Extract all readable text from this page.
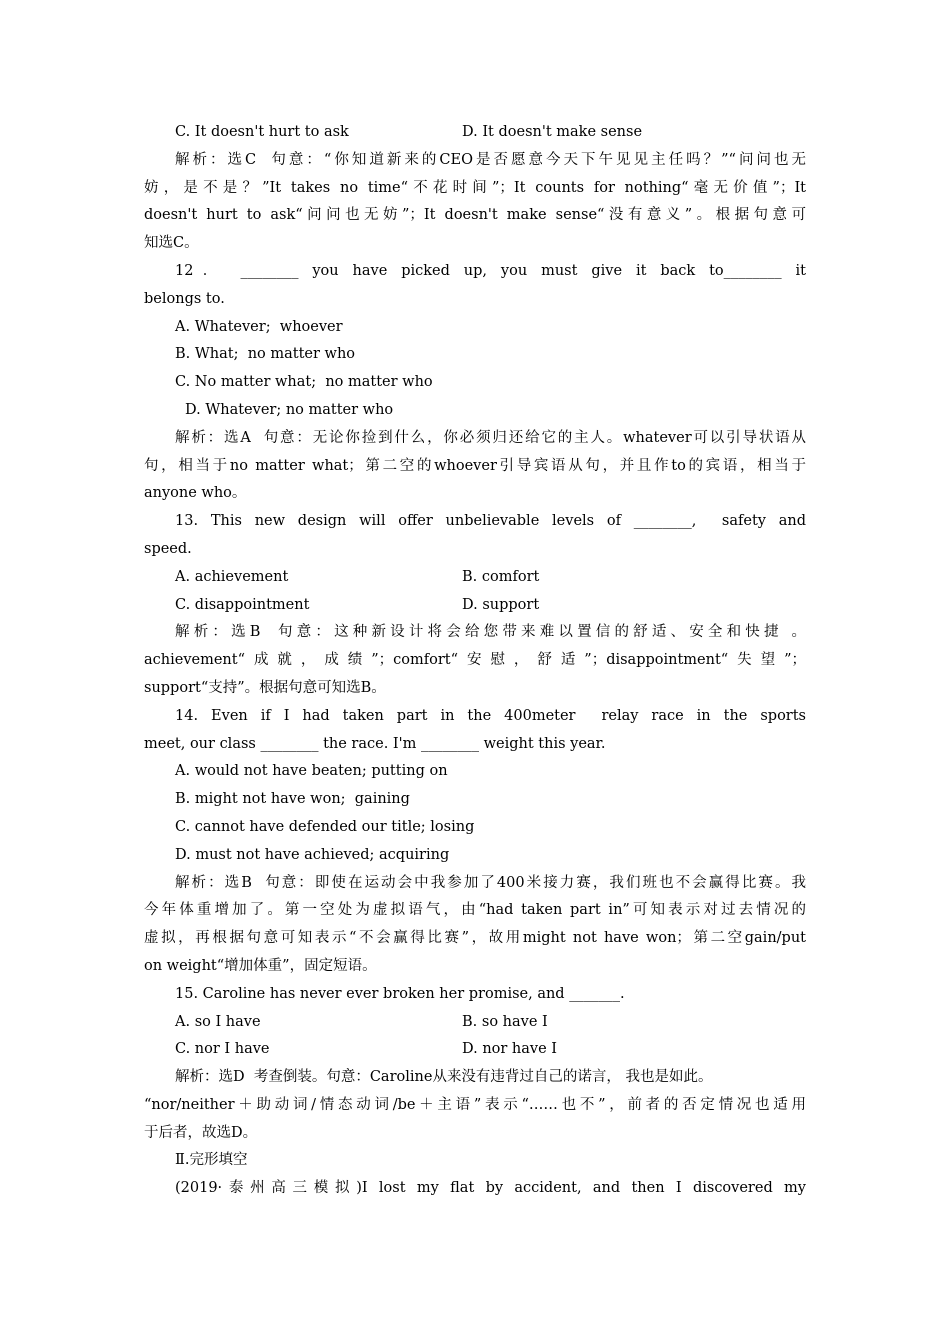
C. It doesn't hurt to ask	D. It doesn't make sense
解析：选C  句意：“你知道新来的CEO是否愿意今天下午见见主任吗？”“问问也无
妨，是不是？”It takes no time“不花时间”；It counts for nothing“毫无价值”；It
doesn't hurt to ask“问问也无妨”；It doesn't make sense“没有意义”。根据句意可
知选C。
12． ________ you have picked up, you must give it back to________ it
belongs to.
A. Whatever;  whoever
B. What;  no matter who
C. No matter what;  no matter who
D. Whatever; no matter who
解析：选A  句意：无论你捡到什么，你必须归还给它的主人。whatever可以引导状语从
句，相当于no matter what；第二空的whoever引导宾语从句，并且作to的宾语，相当于
anyone who。
13. This new design will offer unbelievable levels of ________,  safety and
speed.
A. achievement	B. comfort
C. disappointment	D. support
解析：选B  句意：这种新设计将会给您带来难以置信的舒适、安全和快捷 。
achievement“成就，成绩”；comfort“安慰，舒适”；disappointment“失望”；
support“支持”。根据句意可知选B。
14. Even if I had taken part in the 400meter  relay race in the sports
meet, our class ________ the race. I'm ________ weight this year.
A. would not have beaten; putting on
B. might not have won;  gaining
C. cannot have defended our title; losing
D. must not have achieved; acquiring
解析：选B  句意：即使在运动会中我参加了400米接力赛，我们班也不会赢得比赛。我
今年体重增加了。第一空处为虚拟语气，由“had taken part in”可知表示对过去情况的
虚拟，再根据句意可知表示“不会赢得比赛”，故用might not have won；第二空gain/put
on weight“增加体重”，固定短语。
15. Caroline has never ever broken her promise, and _______.
A. so I have	B. so have I
C. nor I have	D. nor have I
解析：选D  考查倒装。句意：Caroline从来没有违背过自己的诺言， 我也是如此。
“nor/neither＋助动词/情态动词/be＋主语”表示“……也不”，前者的否定情况也适用
于后者，故选D。
Ⅱ.完形填空
(2019·泰州高三模拟)I lost my flat by accident, and then I discovered my
